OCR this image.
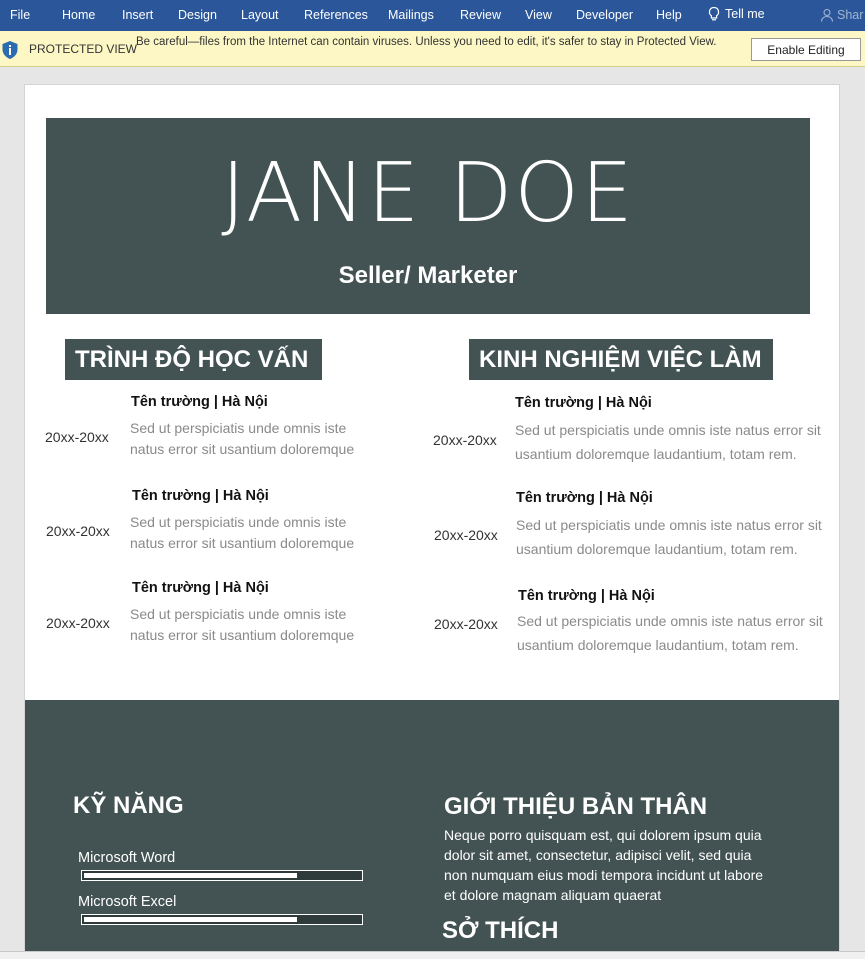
File	Home Insert Design Layout References Mailings Review View Developer Help	Tell me	Shar
PROTECTED VIEW
Be careful—files from the Internet can contain viruses. Unless you need to edit, it's safer to stay in Protected View.
Enable Editing
JANE DOE
Seller/ Marketer
TRÌNH ĐỘ HỌC VẤN	KINH NGHIỆM VIỆC LÀM
20xx-20xx
Tên trường | Hà Nội
Sed ut perspiciatis unde omnis iste natus error sit usantium doloremque
20xx-20xx
Tên trường | Hà Nội
Sed ut perspiciatis unde omnis iste natus error sit usantium doloremque
20xx-20xx
Tên trường | Hà Nội
Sed ut perspiciatis unde omnis iste natus error sit usantium doloremque
20xx-20xx
Tên trường | Hà Nội
Sed ut perspiciatis unde omnis iste natus error sit usantium doloremque laudantium, totam rem.
20xx-20xx
Tên trường | Hà Nội
Sed ut perspiciatis unde omnis iste natus error sit usantium doloremque laudantium, totam rem.
20xx-20xx
Tên trường | Hà Nội
Sed ut perspiciatis unde omnis iste natus error sit usantium doloremque laudantium, totam rem.
KỸ NĂNG
Microsoft Word
Microsoft Excel
GIỚI THIỆU BẢN THÂN
Neque porro quisquam est, qui dolorem ipsum quia dolor sit amet, consectetur, adipisci velit, sed quia non numquam eius modi tempora incidunt ut labore et dolore magnam aliquam quaerat
SỞ THÍCH
